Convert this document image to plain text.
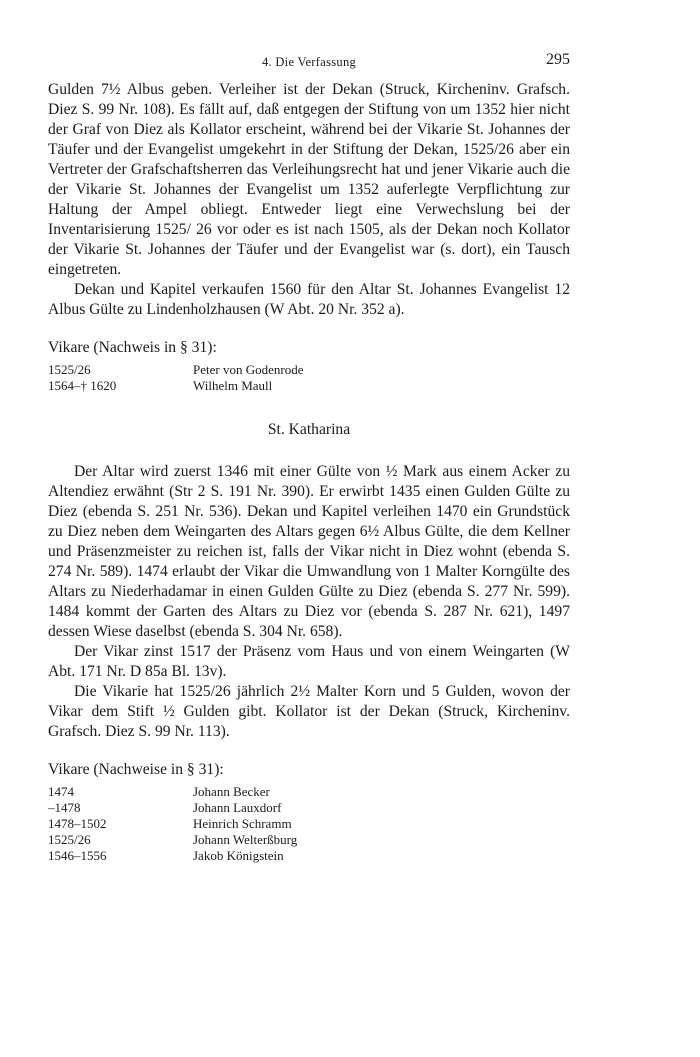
4. Die Verfassung	295

Gulden 7½ Albus geben. Verleiher ist der Dekan (Struck, Kircheninv. Grafsch. Diez S. 99 Nr. 108). Es fällt auf, daß entgegen der Stiftung von um 1352 hier nicht der Graf von Diez als Kollator erscheint, während bei der Vikarie St. Johannes der Täufer und der Evangelist umgekehrt in der Stiftung der Dekan, 1525/26 aber ein Vertreter der Grafschaftsherren das Verleihungsrecht hat und jener Vikarie auch die der Vikarie St. Johannes der Evangelist um 1352 auferlegte Verpflichtung zur Haltung der Ampel obliegt. Entweder liegt eine Verwechslung bei der Inventarisierung 1525/ 26 vor oder es ist nach 1505, als der Dekan noch Kollator der Vikarie St. Johannes der Täufer und der Evangelist war (s. dort), ein Tausch eingetreten.

Dekan und Kapitel verkaufen 1560 für den Altar St. Johannes Evangelist 12 Albus Gülte zu Lindenholzhausen (W Abt. 20 Nr. 352 a).

Vikare (Nachweis in § 31):
1525/26	Peter von Godenrode
1564–† 1620	Wilhelm Maull
St. Katharina

Der Altar wird zuerst 1346 mit einer Gülte von ½ Mark aus einem Acker zu Altendiez erwähnt (Str 2 S. 191 Nr. 390). Er erwirbt 1435 einen Gulden Gülte zu Diez (ebenda S. 251 Nr. 536). Dekan und Kapitel verleihen 1470 ein Grundstück zu Diez neben dem Weingarten des Altars gegen 6½ Albus Gülte, die dem Kellner und Präsenzmeister zu reichen ist, falls der Vikar nicht in Diez wohnt (ebenda S. 274 Nr. 589). 1474 erlaubt der Vikar die Umwandlung von 1 Malter Korngülte des Altars zu Niederhadamar in einen Gulden Gülte zu Diez (ebenda S. 277 Nr. 599). 1484 kommt der Garten des Altars zu Diez vor (ebenda S. 287 Nr. 621), 1497 dessen Wiese daselbst (ebenda S. 304 Nr. 658).

Der Vikar zinst 1517 der Präsenz vom Haus und von einem Weingarten (W Abt. 171 Nr. D 85a Bl. 13v).

Die Vikarie hat 1525/26 jährlich 2½ Malter Korn und 5 Gulden, wovon der Vikar dem Stift ½ Gulden gibt. Kollator ist der Dekan (Struck, Kircheninv. Grafsch. Diez S. 99 Nr. 113).

Vikare (Nachweise in § 31):
1474	Johann Becker
–1478	Johann Lauxdorf
1478–1502	Heinrich Schramm
1525/26	Johann Welterßburg
1546–1556	Jakob Königstein
